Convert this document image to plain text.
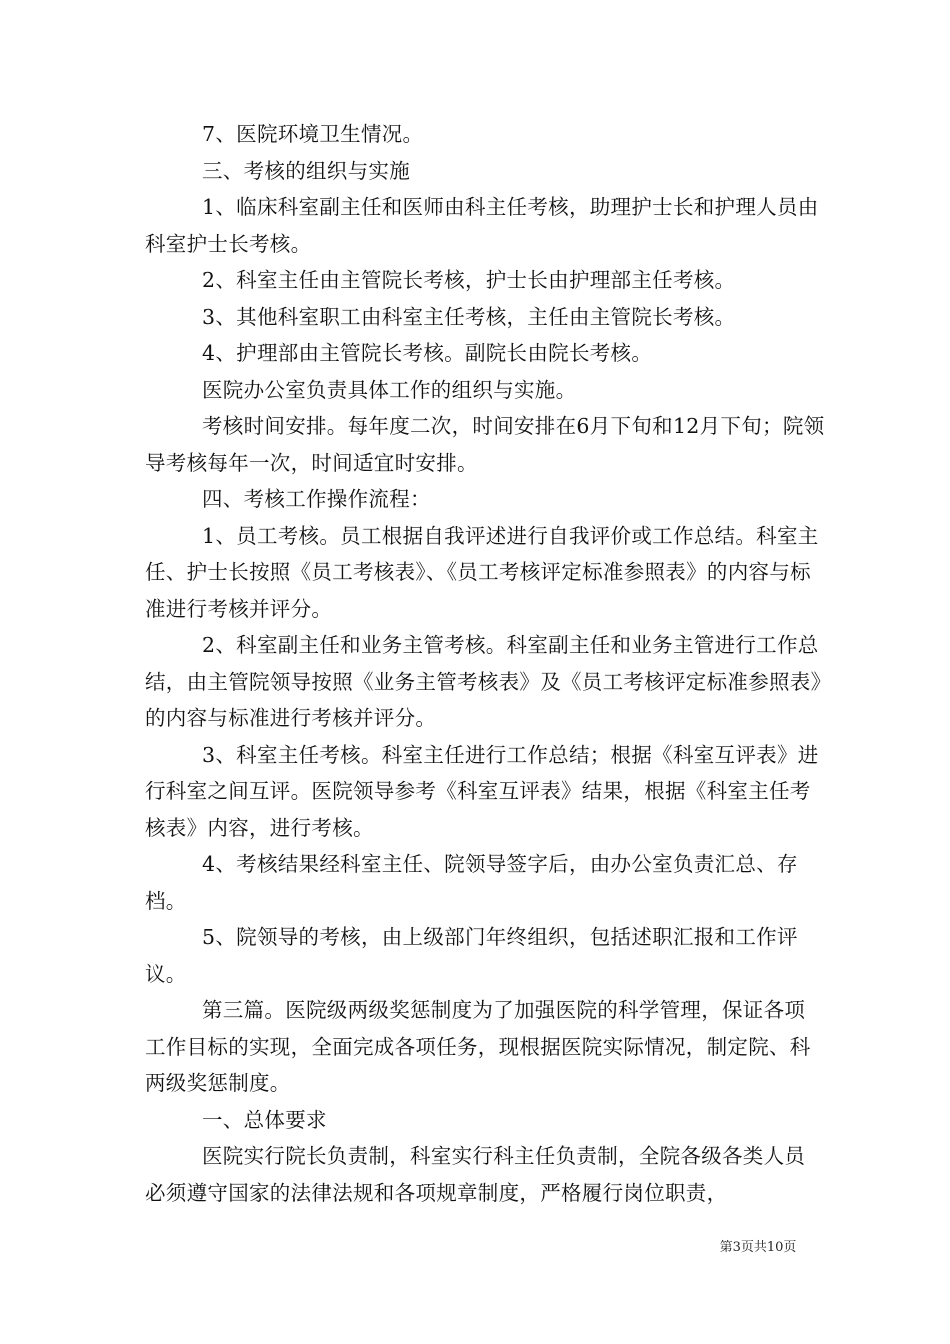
7、医院环境卫生情况。

三、考核的组织与实施

1、临床科室副主任和医师由科主任考核，助理护士长和护理人员由科室护士长考核。

2、科室主任由主管院长考核，护士长由护理部主任考核。

3、其他科室职工由科室主任考核，主任由主管院长考核。

4、护理部由主管院长考核。副院长由院长考核。

医院办公室负责具体工作的组织与实施。

考核时间安排。每年度二次，时间安排在6月下旬和12月下旬；院领导考核每年一次，时间适宜时安排。

四、考核工作操作流程：

1、员工考核。员工根据自我评述进行自我评价或工作总结。科室主任、护士长按照《员工考核表》、《员工考核评定标准参照表》的内容与标准进行考核并评分。

2、科室副主任和业务主管考核。科室副主任和业务主管进行工作总结，由主管院领导按照《业务主管考核表》及《员工考核评定标准参照表》的内容与标准进行考核并评分。

3、科室主任考核。科室主任进行工作总结；根据《科室互评表》进行科室之间互评。医院领导参考《科室互评表》结果，根据《科室主任考核表》内容，进行考核。

4、考核结果经科室主任、院领导签字后，由办公室负责汇总、存档。

5、院领导的考核，由上级部门年终组织，包括述职汇报和工作评议。

第三篇。医院级两级奖惩制度为了加强医院的科学管理，保证各项工作目标的实现，全面完成各项任务，现根据医院实际情况，制定院、科两级奖惩制度。

一、总体要求

医院实行院长负责制，科室实行科主任负责制，全院各级各类人员必须遵守国家的法律法规和各项规章制度，严格履行岗位职责，

第3页共10页
